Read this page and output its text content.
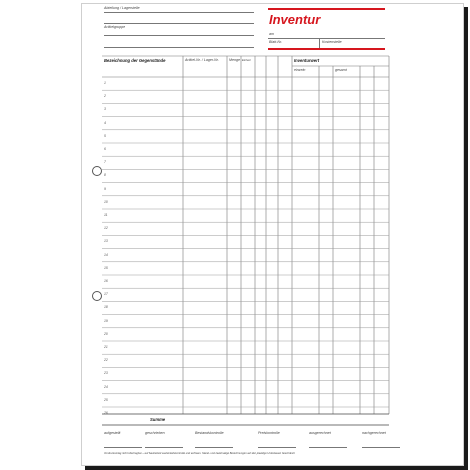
Abteilung / Lagerstelle
Artikelgruppe	Inventur
am
Blatt-Nr.	Kostenstelle
Bezeichnung der Gegenstände	Artikel-Nr. / Lager-Nr.	Menge Einheit	Inventurwert
einzeln	gesamt
1
2
3
4
5
6
7
8
9
10
11
12
13
14
15
16
17
18
19
20
21
22
23
24
25
26
Summe
aufgestellt	geschrieben	Bestandskontrolle	Preiskontrolle	ausgerechnet	nachgerechnet
Vordruckverlag nicht übertragbar – auf Sauberkeit sauberkeitskontrolle und achtsam. Stand- und zweitmalige Berechnungen auf den jeweilige Unterlassen beschränkt
